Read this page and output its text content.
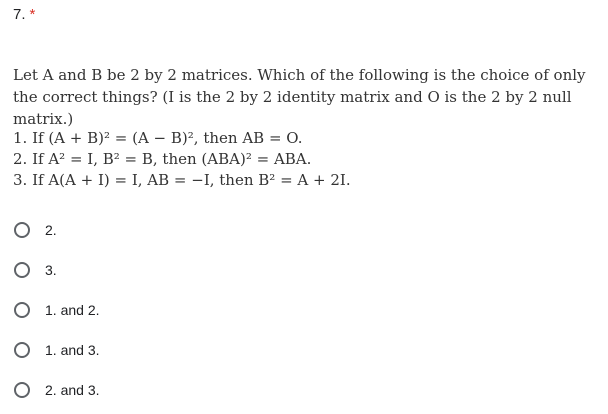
7. *
Let A and B be 2 by 2 matrices. Which of the following is the choice of only the correct things? (I is the 2 by 2 identity matrix and O is the 2 by 2 null matrix.)
1. If (A + B)² = (A − B)², then AB = O.
2. If A² = I, B² = B, then (ABA)² = ABA.
3. If A(A + I) = I, AB = −I, then B² = A + 2I.
2.
3.
1. and 2.
1. and 3.
2. and 3.
